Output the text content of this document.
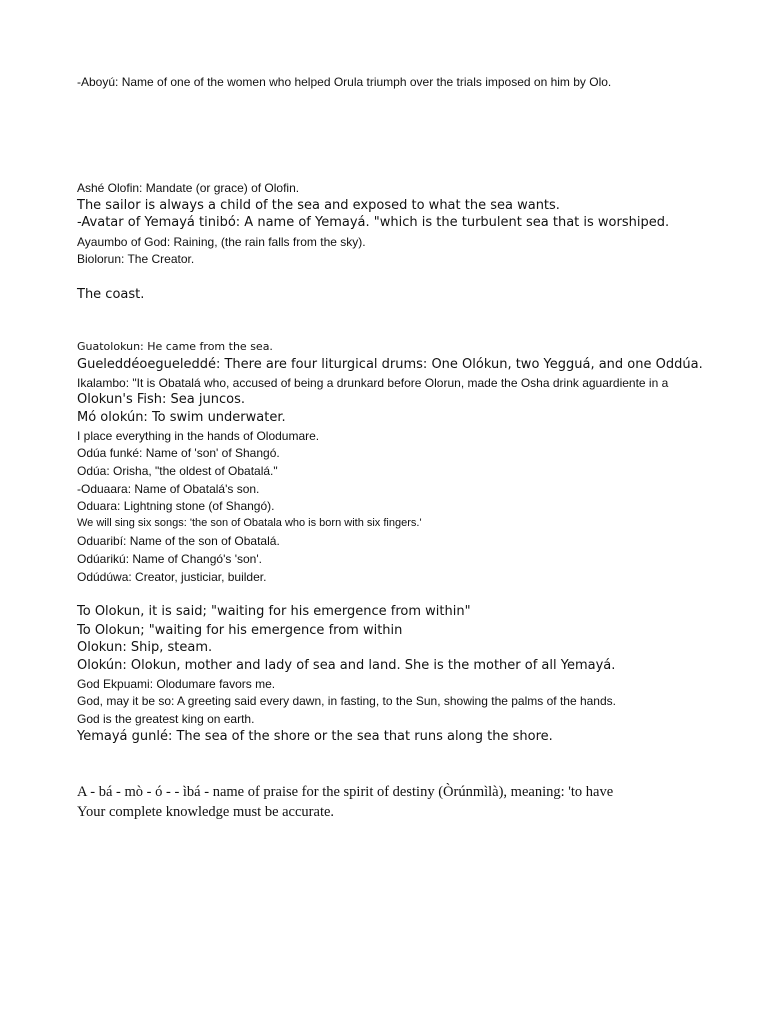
-Aboyú: Name of one of the women who helped Orula triumph over the trials imposed on him by Olo.
Ashé Olofin: Mandate (or grace) of Olofin.
The sailor is always a child of the sea and exposed to what the sea wants.
-Avatar of Yemayá tinibó: A name of Yemayá. "which is the turbulent sea that is worshiped.
Ayaumbo of God: Raining, (the rain falls from the sky).
Biolorun: The Creator.
The coast.
Guatolokun: He came from the sea.
Gueleddéoegueleddé: There are four liturgical drums: One Olókun, two Yegguá, and one Oddúa.
Ikalambo: "It is Obatalá who, accused of being a drunkard before Olorun, made the Osha drink aguardiente in a
Olokun's Fish: Sea juncos.
Mó olokún: To swim underwater.
I place everything in the hands of Olodumare.
Odúa funké: Name of 'son' of Shangó.
Odúa: Orisha, "the oldest of Obatalá."
-Oduaara: Name of Obatalá's son.
Oduara: Lightning stone (of Shangó).
We will sing six songs: 'the son of Obatala who is born with six fingers.'
Oduaribí: Name of the son of Obatalá.
Odúarikú: Name of Changó's 'son'.
Odúdúwa: Creator, justiciar, builder.
To Olokun, it is said; "waiting for his emergence from within"
To Olokun; "waiting for his emergence from within
Olokun: Ship, steam.
Olokún: Olokun, mother and lady of sea and land. She is the mother of all Yemayá.
God Ekpuami: Olodumare favors me.
God, may it be so: A greeting said every dawn, in fasting, to the Sun, showing the palms of the hands.
God is the greatest king on earth.
Yemayá gunlé: The sea of the shore or the sea that runs along the shore.
A - bá - mò - ó - - ìbá - name of praise for the spirit of destiny (Òrúnmìlà), meaning: 'to have
Your complete knowledge must be accurate.
